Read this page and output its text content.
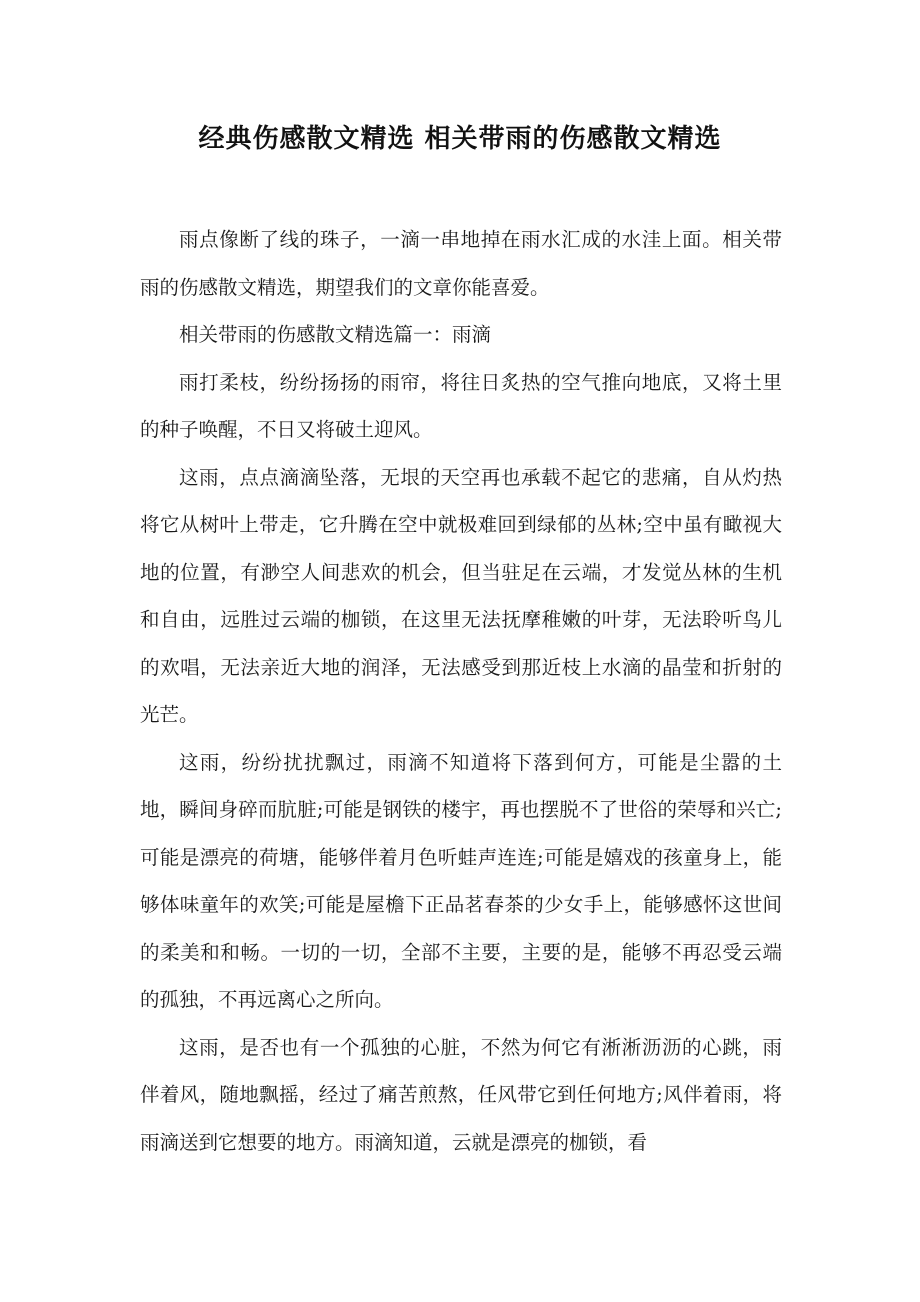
经典伤感散文精选 相关带雨的伤感散文精选

雨点像断了线的珠子，一滴一串地掉在雨水汇成的水洼上面。相关带雨的伤感散文精选，期望我们的文章你能喜爱。

相关带雨的伤感散文精选篇一：雨滴

雨打柔枝，纷纷扬扬的雨帘，将往日炙热的空气推向地底，又将土里的种子唤醒，不日又将破土迎风。

这雨，点点滴滴坠落，无垠的天空再也承载不起它的悲痛，自从灼热将它从树叶上带走，它升腾在空中就极难回到绿郁的丛林;空中虽有瞰视大地的位置，有渺空人间悲欢的机会，但当驻足在云端，才发觉丛林的生机和自由，远胜过云端的枷锁，在这里无法抚摩稚嫩的叶芽，无法聆听鸟儿的欢唱，无法亲近大地的润泽，无法感受到那近枝上水滴的晶莹和折射的光芒。

这雨，纷纷扰扰飘过，雨滴不知道将下落到何方，可能是尘嚣的土地，瞬间身碎而肮脏;可能是钢铁的楼宇，再也摆脱不了世俗的荣辱和兴亡;可能是漂亮的荷塘，能够伴着月色听蛙声连连;可能是嬉戏的孩童身上，能够体味童年的欢笑;可能是屋檐下正品茗春茶的少女手上，能够感怀这世间的柔美和和畅。一切的一切，全部不主要，主要的是，能够不再忍受云端的孤独，不再远离心之所向。

这雨，是否也有一个孤独的心脏，不然为何它有淅淅沥沥的心跳，雨伴着风，随地飘摇，经过了痛苦煎熬，任风带它到任何地方;风伴着雨，将雨滴送到它想要的地方。雨滴知道，云就是漂亮的枷锁，看
